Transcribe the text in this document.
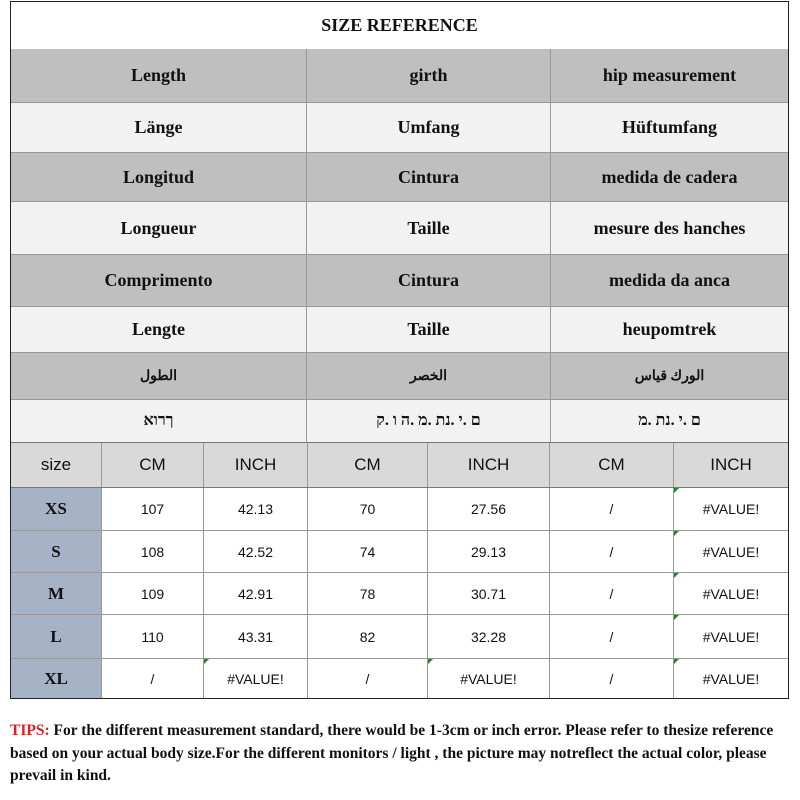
SIZE REFERENCE
Length	girth	hip measurement
Länge	Umfang	Hüftumfang
Longitud	Cintura	medida de cadera
Longueur	Taille	mesure des hanches
Comprimento	Cintura	medida da anca
Lengte	Taille	heupomtrek
الطول	الخصر	الورك قياس
ךרוא	ם .י .נת .מ .ה ו .ק	ם .י .נת .מ
size	CM	INCH	CM	INCH	CM	INCH
XS	107	42.13	70	27.56	/	#VALUE!
S	108	42.52	74	29.13	/	#VALUE!
M	109	42.91	78	30.71	/	#VALUE!
L	110	43.31	82	32.28	/	#VALUE!
XL	/	#VALUE!	/	#VALUE!	/	#VALUE!
TIPS: For the different measurement standard, there would be 1-3cm or inch error. Please refer to thesize reference based on your actual body size.For the different monitors / light , the picture may notreflect the actual color, please prevail in kind.
